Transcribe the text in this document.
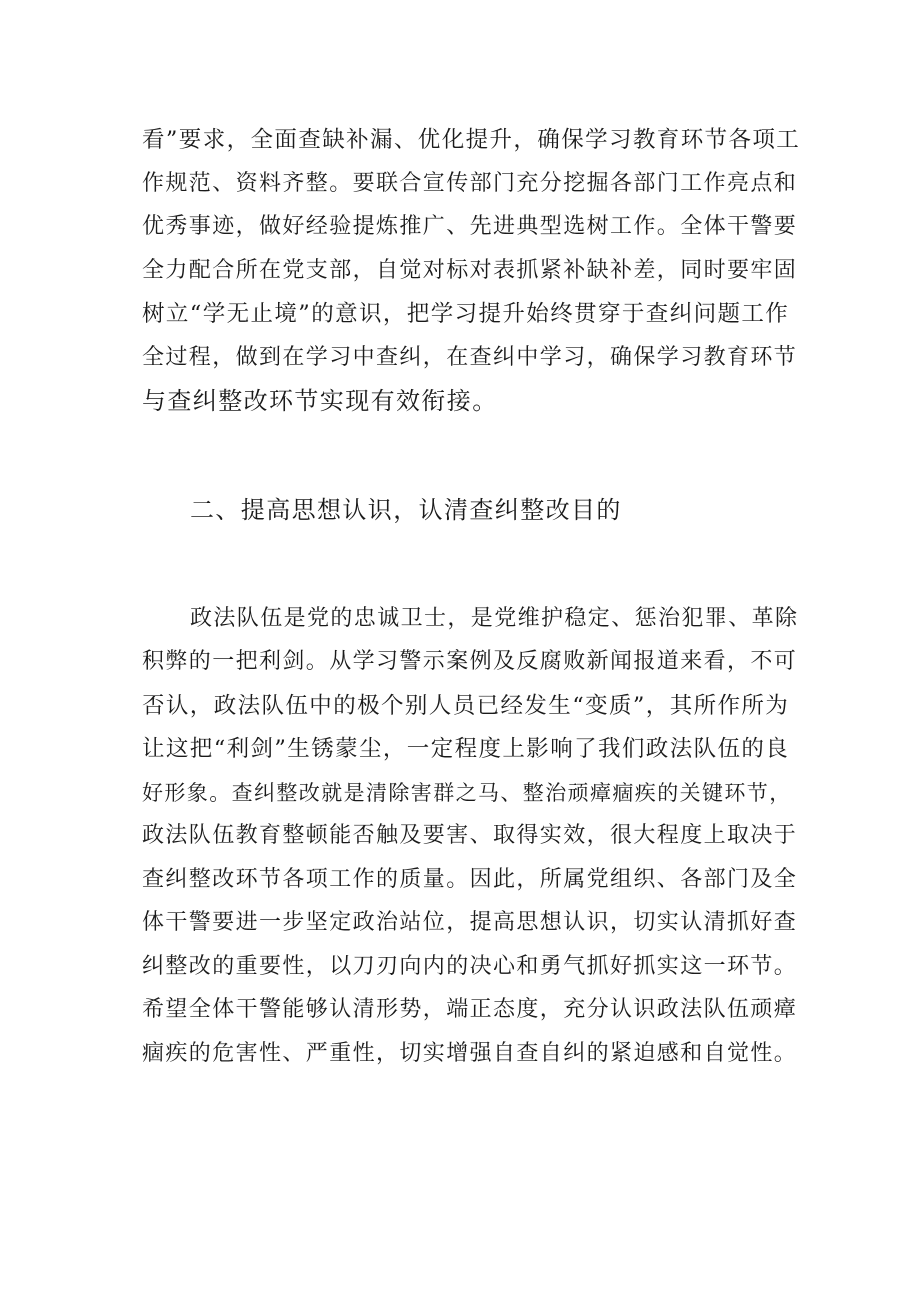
看”要求，全面查缺补漏、优化提升，确保学习教育环节各项工
作规范、资料齐整。要联合宣传部门充分挖掘各部门工作亮点和
优秀事迹，做好经验提炼推广、先进典型选树工作。全体干警要
全力配合所在党支部，自觉对标对表抓紧补缺补差，同时要牢固
树立“学无止境”的意识，把学习提升始终贯穿于查纠问题工作
全过程，做到在学习中查纠，在查纠中学习，确保学习教育环节
与查纠整改环节实现有效衔接。
二、提高思想认识，认清查纠整改目的
政法队伍是党的忠诚卫士，是党维护稳定、惩治犯罪、革除
积弊的一把利剑。从学习警示案例及反腐败新闻报道来看，不可
否认，政法队伍中的极个别人员已经发生“变质”，其所作所为
让这把“利剑”生锈蒙尘，一定程度上影响了我们政法队伍的良
好形象。查纠整改就是清除害群之马、整治顽瘴痼疾的关键环节，
政法队伍教育整顿能否触及要害、取得实效，很大程度上取决于
查纠整改环节各项工作的质量。因此，所属党组织、各部门及全
体干警要进一步坚定政治站位，提高思想认识，切实认清抓好查
纠整改的重要性，以刀刃向内的决心和勇气抓好抓实这一环节。
希望全体干警能够认清形势，端正态度，充分认识政法队伍顽瘴
痼疾的危害性、严重性，切实增强自查自纠的紧迫感和自觉性。
